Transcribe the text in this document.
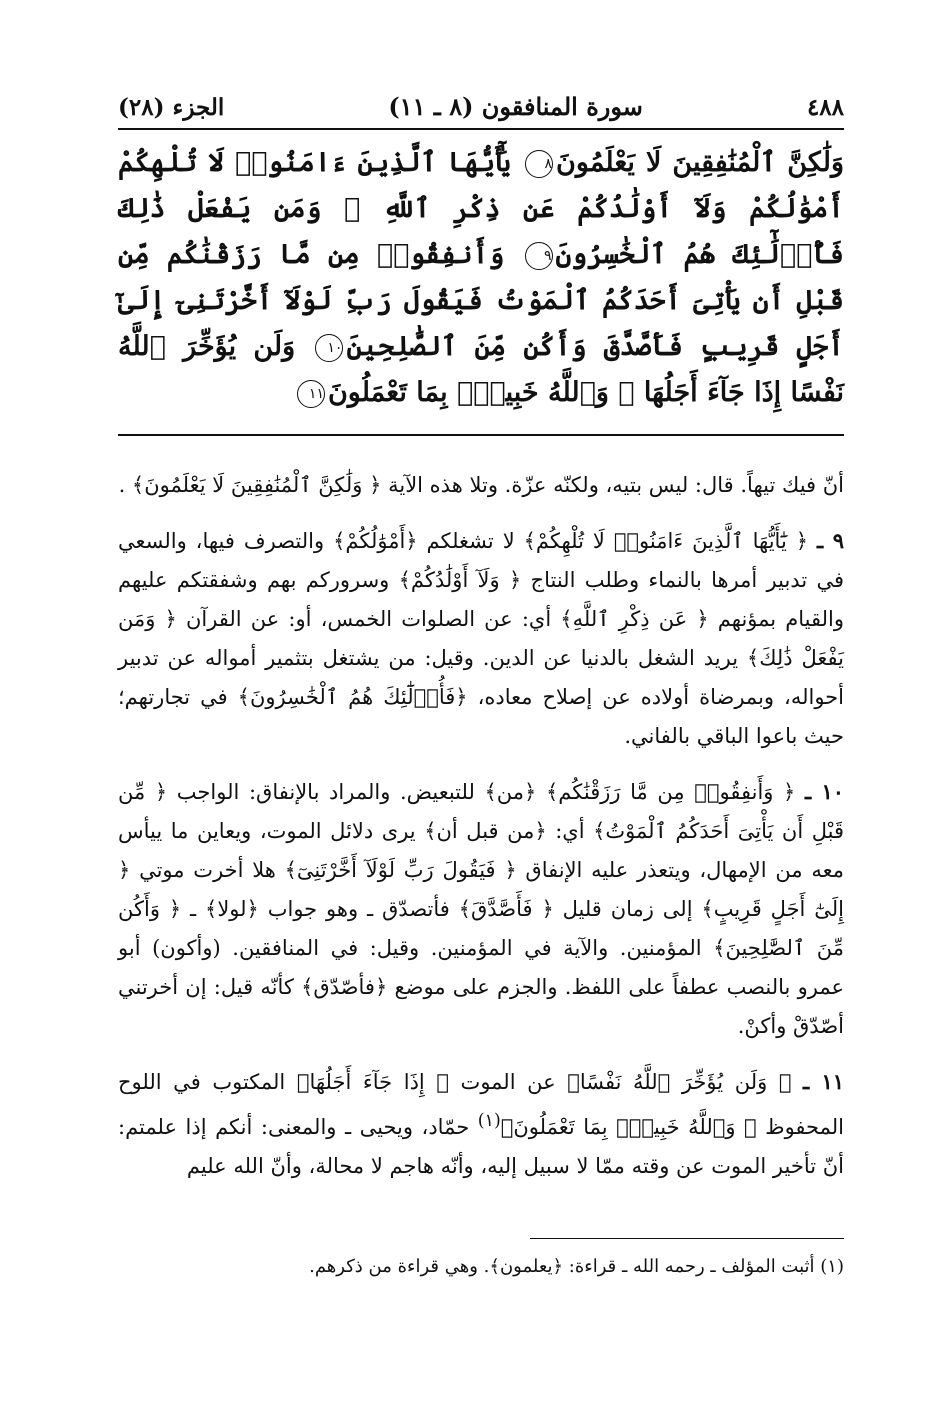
٤٨٨
سورة المنافقون (٨ ـ ١١)
الجزء (٢٨)
وَلَٰكِنَّ ٱلْمُنَٰفِقِينَ لَا يَعْلَمُونَ٨ يَٰٓأَيُّهَا ٱلَّذِينَ ءَامَنُوا۟ لَا تُلْهِكُمْ أَمْوَٰلُكُمْ وَلَآ أَوْلَٰدُكُمْ عَن ذِكْرِ ٱللَّهِ ۚ وَمَن يَفْعَلْ ذَٰلِكَ فَأُو۟لَٰٓئِكَ هُمُ ٱلْخَٰسِرُونَ٩ وَأَنفِقُوا۟ مِن مَّا رَزَقْنَٰكُم مِّن قَبْلِ أَن يَأْتِىَ أَحَدَكُمُ ٱلْمَوْتُ فَيَقُولَ رَبِّ لَوْلَآ أَخَّرْتَنِىٓ إِلَىٰٓ أَجَلٍ قَرِيبٍ فَأَصَّدَّقَ وَأَكُن مِّنَ ٱلصَّٰلِحِينَ١٠ وَلَن يُؤَخِّرَ ٱللَّهُ نَفْسًا إِذَا جَآءَ أَجَلُهَا ۚ وَٱللَّهُ خَبِيرٌۢ بِمَا تَعْمَلُونَ١١

أنّ فيك تيهاً. قال: ليس بتيه، ولكنّه عزّة. وتلا هذه الآية ﴿ وَلَٰكِنَّ ٱلْمُنَٰفِقِينَ لَا يَعْلَمُونَ﴾ .

٩ ـ ﴿ يَٰٓأَيُّهَا ٱلَّذِينَ ءَامَنُوا۟ لَا تُلْهِكُمْ﴾ لا تشغلكم ﴿أَمْوَٰلُكُمْ﴾ والتصرف فيها، والسعي في تدبير أمرها بالنماء وطلب النتاج ﴿ وَلَآ أَوْلَٰدُكُمْ﴾ وسروركم بهم وشفقتكم عليهم والقيام بمؤنهم ﴿ عَن ذِكْرِ ٱللَّهِ﴾ أي: عن الصلوات الخمس، أو: عن القرآن ﴿ وَمَن يَفْعَلْ ذَٰلِكَ﴾ يريد الشغل بالدنيا عن الدين. وقيل: من يشتغل بتثمير أمواله عن تدبير أحواله، وبمرضاة أولاده عن إصلاح معاده، ﴿فَأُو۟لَٰٓئِكَ هُمُ ٱلْخَٰسِرُونَ﴾ في تجارتهم؛ حيث باعوا الباقي بالفاني.

١٠ ـ ﴿ وَأَنفِقُوا۟ مِن مَّا رَزَقْنَٰكُم﴾ ﴿من﴾ للتبعيض. والمراد بالإنفاق: الواجب ﴿ مِّن قَبْلِ أَن يَأْتِىَ أَحَدَكُمُ ٱلْمَوْتُ﴾ أي: ﴿من قبل أن﴾ يرى دلائل الموت، ويعاين ما ييأس معه من الإمهال، ويتعذر عليه الإنفاق ﴿ فَيَقُولَ رَبِّ لَوْلَآ أَخَّرْتَنِىٓ﴾ هلا أخرت موتي ﴿ إِلَىٰٓ أَجَلٍ قَرِيبٍ﴾ إلى زمان قليل ﴿ فَأَصَّدَّقَ﴾ فأتصدّق ـ وهو جواب ﴿لولا﴾ ـ ﴿ وَأَكُن مِّنَ ٱلصَّٰلِحِينَ﴾ المؤمنين. والآية في المؤمنين. وقيل: في المنافقين. (وأكون) أبو عمرو بالنصب عطفاً على اللفظ. والجزم على موضع ﴿فأصّدّق﴾ كأنّه قيل: إن أخرتني أصّدّقْ وأكنْ.

١١ ـ ﴿ وَلَن يُؤَخِّرَ ٱللَّهُ نَفْسًا﴾ عن الموت ﴿ إِذَا جَآءَ أَجَلُهَا﴾ المكتوب في اللوح المحفوظ ﴿ وَٱللَّهُ خَبِيرٌۢ بِمَا تَعْمَلُونَ﴾$^{(١)}$ حمّاد، ويحيى ـ والمعنى: أنكم إذا علمتم: أنّ تأخير الموت عن وقته ممّا لا سبيل إليه، وأنّه هاجم لا محالة، وأنّ الله عليم

(١) أثبت المؤلف ـ رحمه الله ـ قراءة: ﴿يعلمون﴾. وهي قراءة من ذكرهم.
